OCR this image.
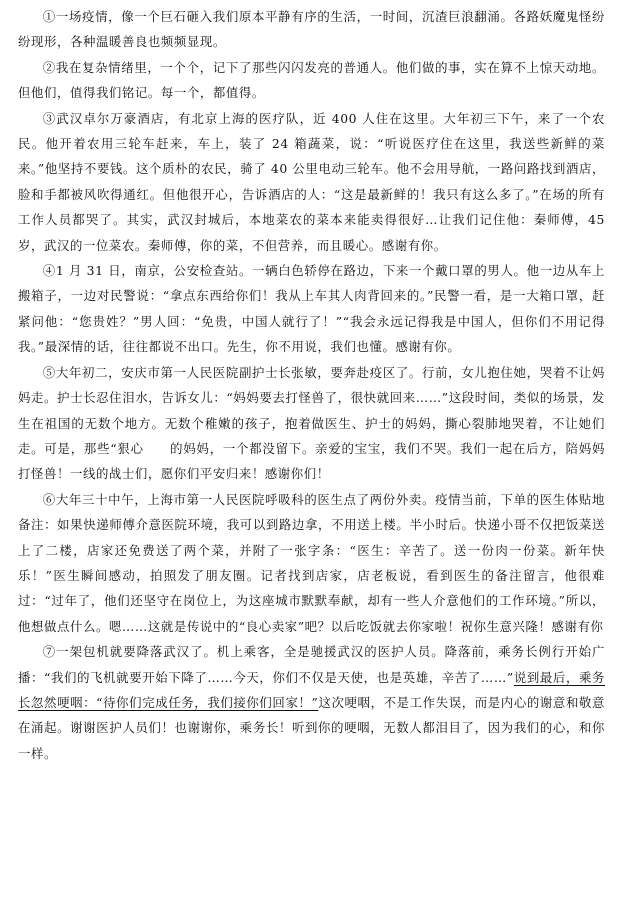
①一场疫情，像一个巨石砸入我们原本平静有序的生活，一时间，沉渣巨浪翻涌。各路妖魔鬼怪纷纷现形，各种温暖善良也频频显现。

②我在复杂情绪里，一个个，记下了那些闪闪发亮的普通人。他们做的事，实在算不上惊天动地。但他们，值得我们铭记。每一个，都值得。

③武汉卓尔万豪酒店，有北京上海的医疗队，近 400 人住在这里。大年初三下午，来了一个农民。他开着农用三轮车赶来，车上，装了 24 箱蔬菜，说：“听说医疗住在这里，我送些新鲜的菜来。”他坚持不要钱。这个质朴的农民，骑了 40 公里电动三轮车。他不会用导航，一路问路找到酒店，脸和手都被风吹得通红。但他很开心，告诉酒店的人：“这是最新鲜的！我只有这么多了。”在场的所有工作人员都哭了。其实，武汉封城后，本地菜农的菜本来能卖得很好…让我们记住他：秦师傅，45 岁，武汉的一位菜农。秦师傅，你的菜，不但营养，而且暖心。感谢有你。

④1 月 31 日，南京，公安检查站。一辆白色轿停在路边，下来一个戴口罩的男人。他一边从车上搬箱子，一边对民警说：“拿点东西给你们！我从上车其人肉背回来的。”民警一看，是一大箱口罩，赶紧问他：“您贵姓？”男人回：“免贵，中国人就行了！”“我会永远记得我是中国人，但你们不用记得我。”最深情的话，往往都说不出口。先生，你不用说，我们也懂。感谢有你。

⑤大年初二，安庆市第一人民医院副护士长张敏，要奔赴疫区了。行前，女儿抱住她，哭着不让妈妈走。护士长忍住泪水，告诉女儿：“妈妈要去打怪兽了，很快就回来……”这段时间，类似的场景，发生在祖国的无数个地方。无数个稚嫩的孩子，抱着做医生、护士的妈妈，撕心裂肺地哭着，不让她们走。可是，那些“狠心　　的妈妈，一个都没留下。亲爱的宝宝，我们不哭。我们一起在后方，陪妈妈打怪兽！一线的战士们，愿你们平安归来！感谢你们！

⑥大年三十中午，上海市第一人民医院呼吸科的医生点了两份外卖。疫情当前，下单的医生体贴地备注：如果快递师傅介意医院环境，我可以到路边拿，不用送上楼。半小时后。快递小哥不仅把饭菜送上了二楼，店家还免费送了两个菜，并附了一张字条：“医生：辛苦了。送一份肉一份菜。新年快乐！”医生瞬间感动，拍照发了朋友圈。记者找到店家，店老板说，看到医生的备注留言，他很难过：“过年了，他们还坚守在岗位上，为这座城市默默奉献，却有一些人介意他们的工作环境。”所以，他想做点什么。嗯……这就是传说中的“良心卖家”吧？以后吃饭就去你家啦！祝你生意兴隆！感谢有你

⑦一架包机就要降落武汉了。机上乘客，全是驰援武汉的医护人员。降落前，乘务长例行开始广播：“我们的飞机就要开始下降了……今天，你们不仅是天使，也是英雄，辛苦了……”说到最后，乘务长忽然哽咽：“待你们完成任务，我们接你们回家！”这次哽咽，不是工作失误，而是内心的谢意和敬意在涌起。谢谢医护人员们！也谢谢你，乘务长！听到你的哽咽，无数人都泪目了，因为我们的心，和你一样。
